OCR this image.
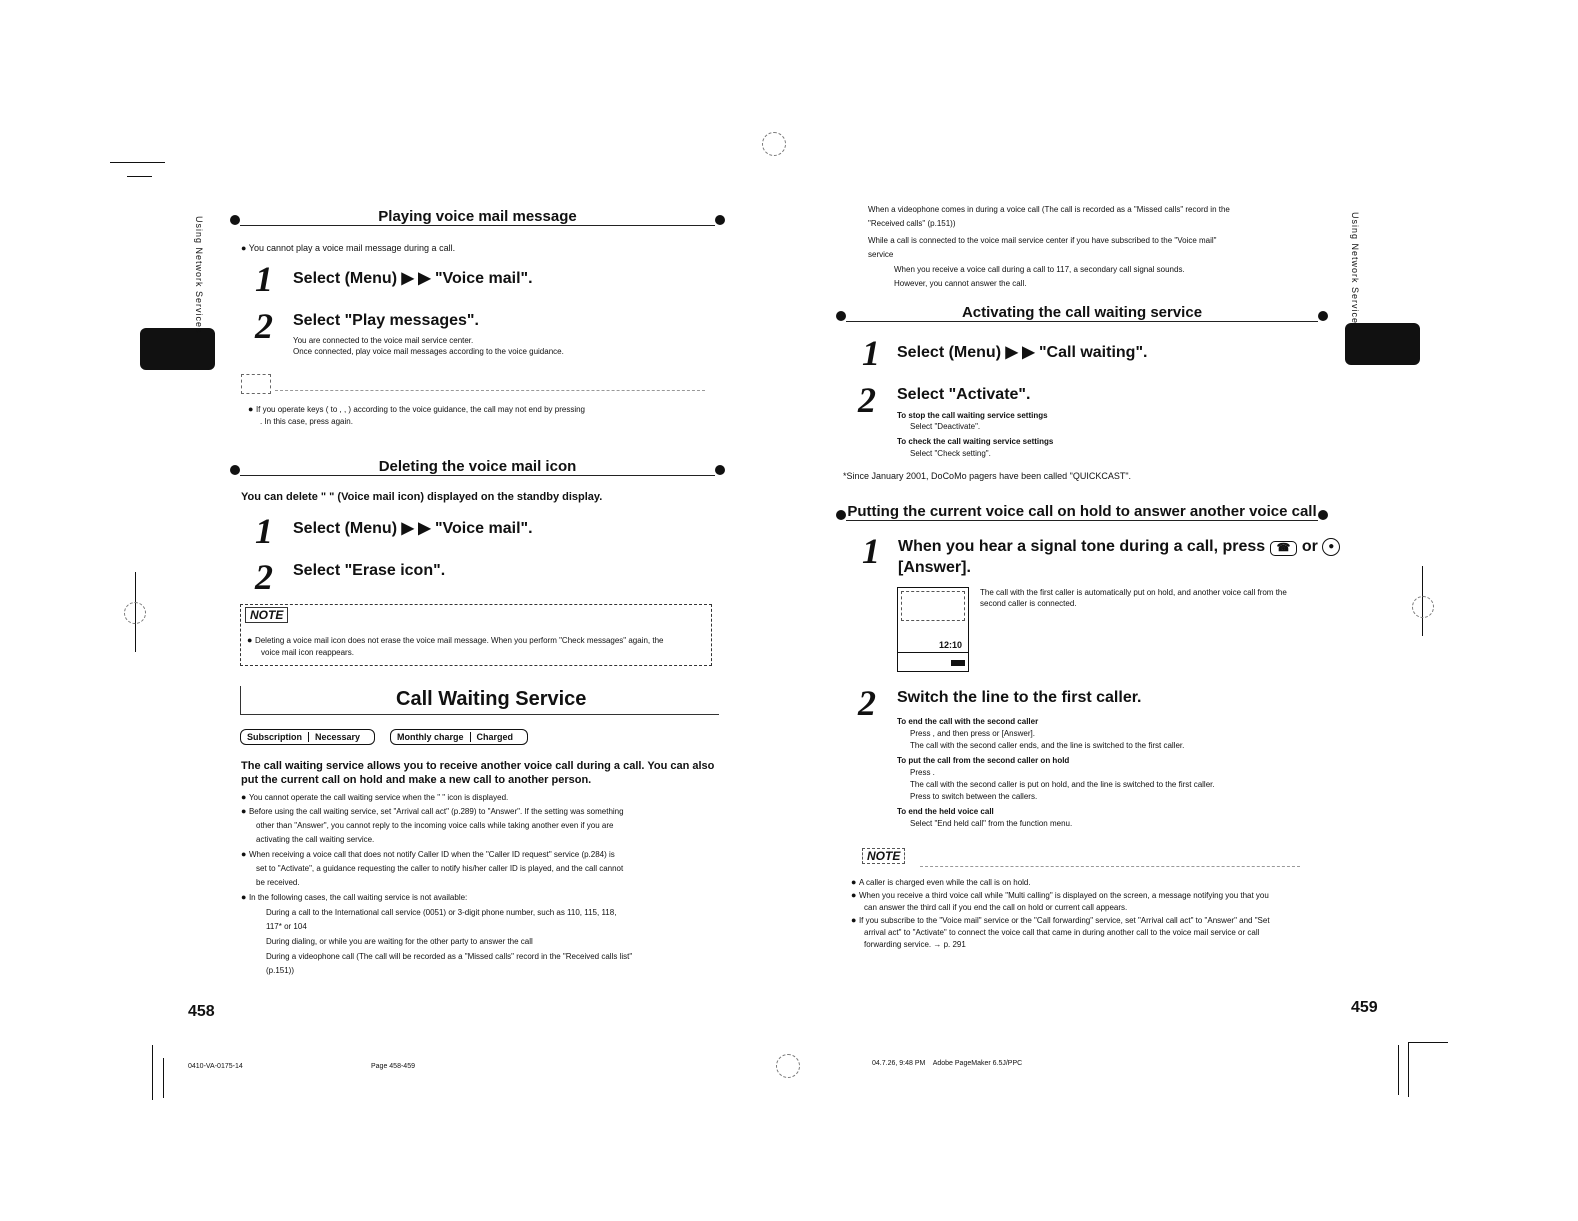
Using Network Services	Playing voice mail message
● You cannot play a voice mail message during a call.
1 Select (Menu) ▶ ▶ "Voice mail".
2 Select "Play messages".
You are connected to the voice mail service center.
Once connected, play voice mail messages according to the voice guidance.
● If you operate keys ( to , , ) according to the voice guidance, the call may not end by pressing
. In this case, press again.
Deleting the voice mail icon
You can delete " " (Voice mail icon) displayed on the standby display.
1 Select (Menu) ▶ ▶ "Voice mail".
2 Select "Erase icon".
NOTE
● Deleting a voice mail icon does not erase the voice mail message. When you perform "Check messages" again, the
voice mail icon reappears.
Call Waiting Service
Subscription Necessary	Monthly charge Charged
The call waiting service allows you to receive another voice call during a call. You can also
put the current call on hold and make a new call to another person.
● You cannot operate the call waiting service when the " " icon is displayed.
● Before using the call waiting service, set "Arrival call act" (p.289) to "Answer". If the setting was something
other than "Answer", you cannot reply to the incoming voice calls while taking another even if you are
activating the call waiting service.
● When receiving a voice call that does not notify Caller ID when the "Caller ID request" service (p.284) is
set to "Activate", a guidance requesting the caller to notify his/her caller ID is played, and the call cannot
be received.
● In the following cases, the call waiting service is not available:
During a call to the International call service (0051) or 3-digit phone number, such as 110, 115, 118,
117* or 104
During dialing, or while you are waiting for the other party to answer the call
During a videophone call (The call will be recorded as a "Missed calls" record in the "Received calls list"
(p.151))
458
0410-VA-0175-14	Page 458-459
Using Network Services
When a videophone comes in during a voice call (The call is recorded as a "Missed calls" record in the
"Received calls" (p.151))
While a call is connected to the voice mail service center if you have subscribed to the "Voice mail"
service
When you receive a voice call during a call to 117, a secondary call signal sounds.
However, you cannot answer the call.
Activating the call waiting service
1 Select (Menu) ▶ ▶ "Call waiting".
2 Select "Activate".
To stop the call waiting service settings
Select "Deactivate".
To check the call waiting service settings
Select "Check setting".
*Since January 2001, DoCoMo pagers have been called "QUICKCAST".
Putting the current voice call on hold to answer another voice call
1 When you hear a signal tone during a call, press ☎ or ●
[Answer].
12:10
The call with the first caller is automatically put on hold, and another voice call from the
second caller is connected.
2 Switch the line to the first caller.
To end the call with the second caller
Press , and then press or [Answer].
The call with the second caller ends, and the line is switched to the first caller.
To put the call from the second caller on hold
Press .
The call with the second caller is put on hold, and the line is switched to the first caller.
Press to switch between the callers.
To end the held voice call
Select "End held call" from the function menu.
NOTE
● A caller is charged even while the call is on hold.
● When you receive a third voice call while "Multi calling" is displayed on the screen, a message notifying you that you
can answer the third call if you end the call on hold or current call appears.
● If you subscribe to the "Voice mail" service or the "Call forwarding" service, set "Arrival call act" to "Answer" and "Set
arrival act" to "Activate" to connect the voice call that came in during another call to the voice mail service or call
forwarding service. → p. 291
459
04.7.26, 9:48 PM    Adobe PageMaker 6.5J/PPC
